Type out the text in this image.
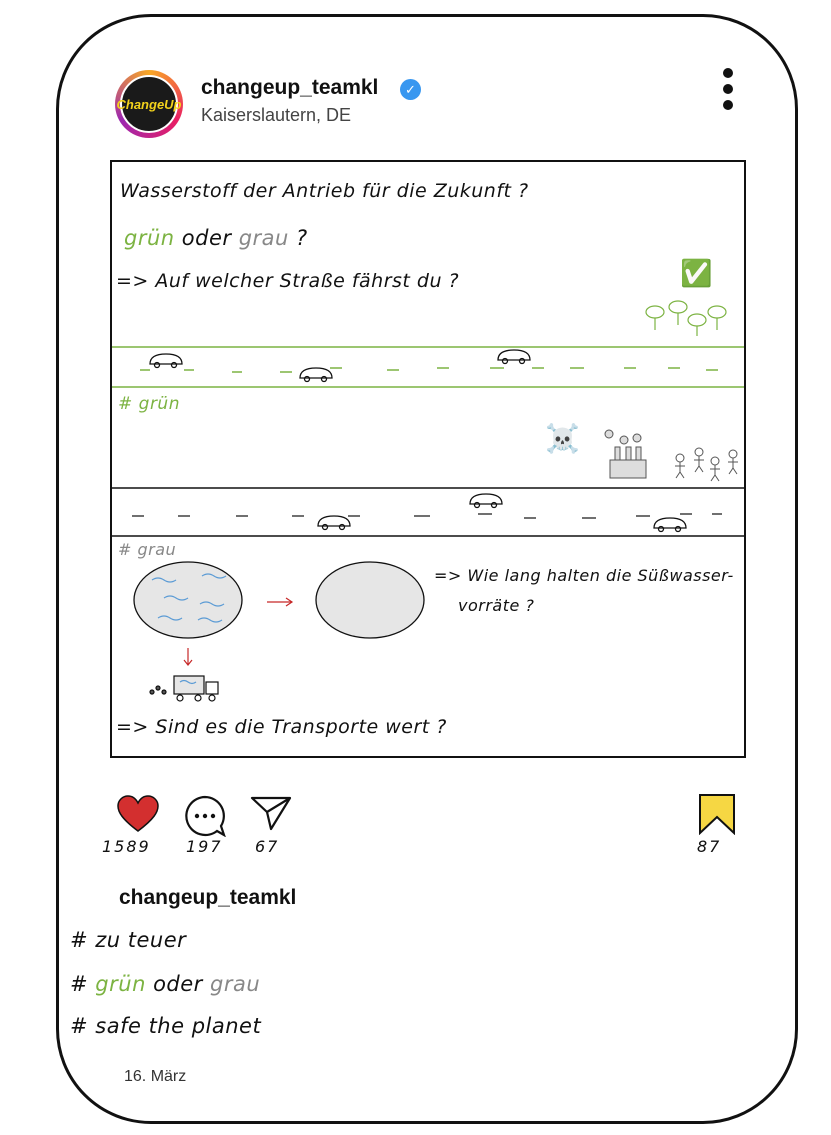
ChangeUp
changeup_teamkl	✓
Kaiserslautern, DE
Wasserstoff der Antrieb für die Zukunft ?
grün oder grau ?
=> Auf welcher Straße fährst du ?	✅
# grün
☠️
# grau
=> Wie lang halten die Süßwasser-
vorräte ?
=> Sind es die Transporte wert ?
1589 197 67	87
changeup_teamkl
# zu teuer
# grün oder grau
# safe the planet
16. März
